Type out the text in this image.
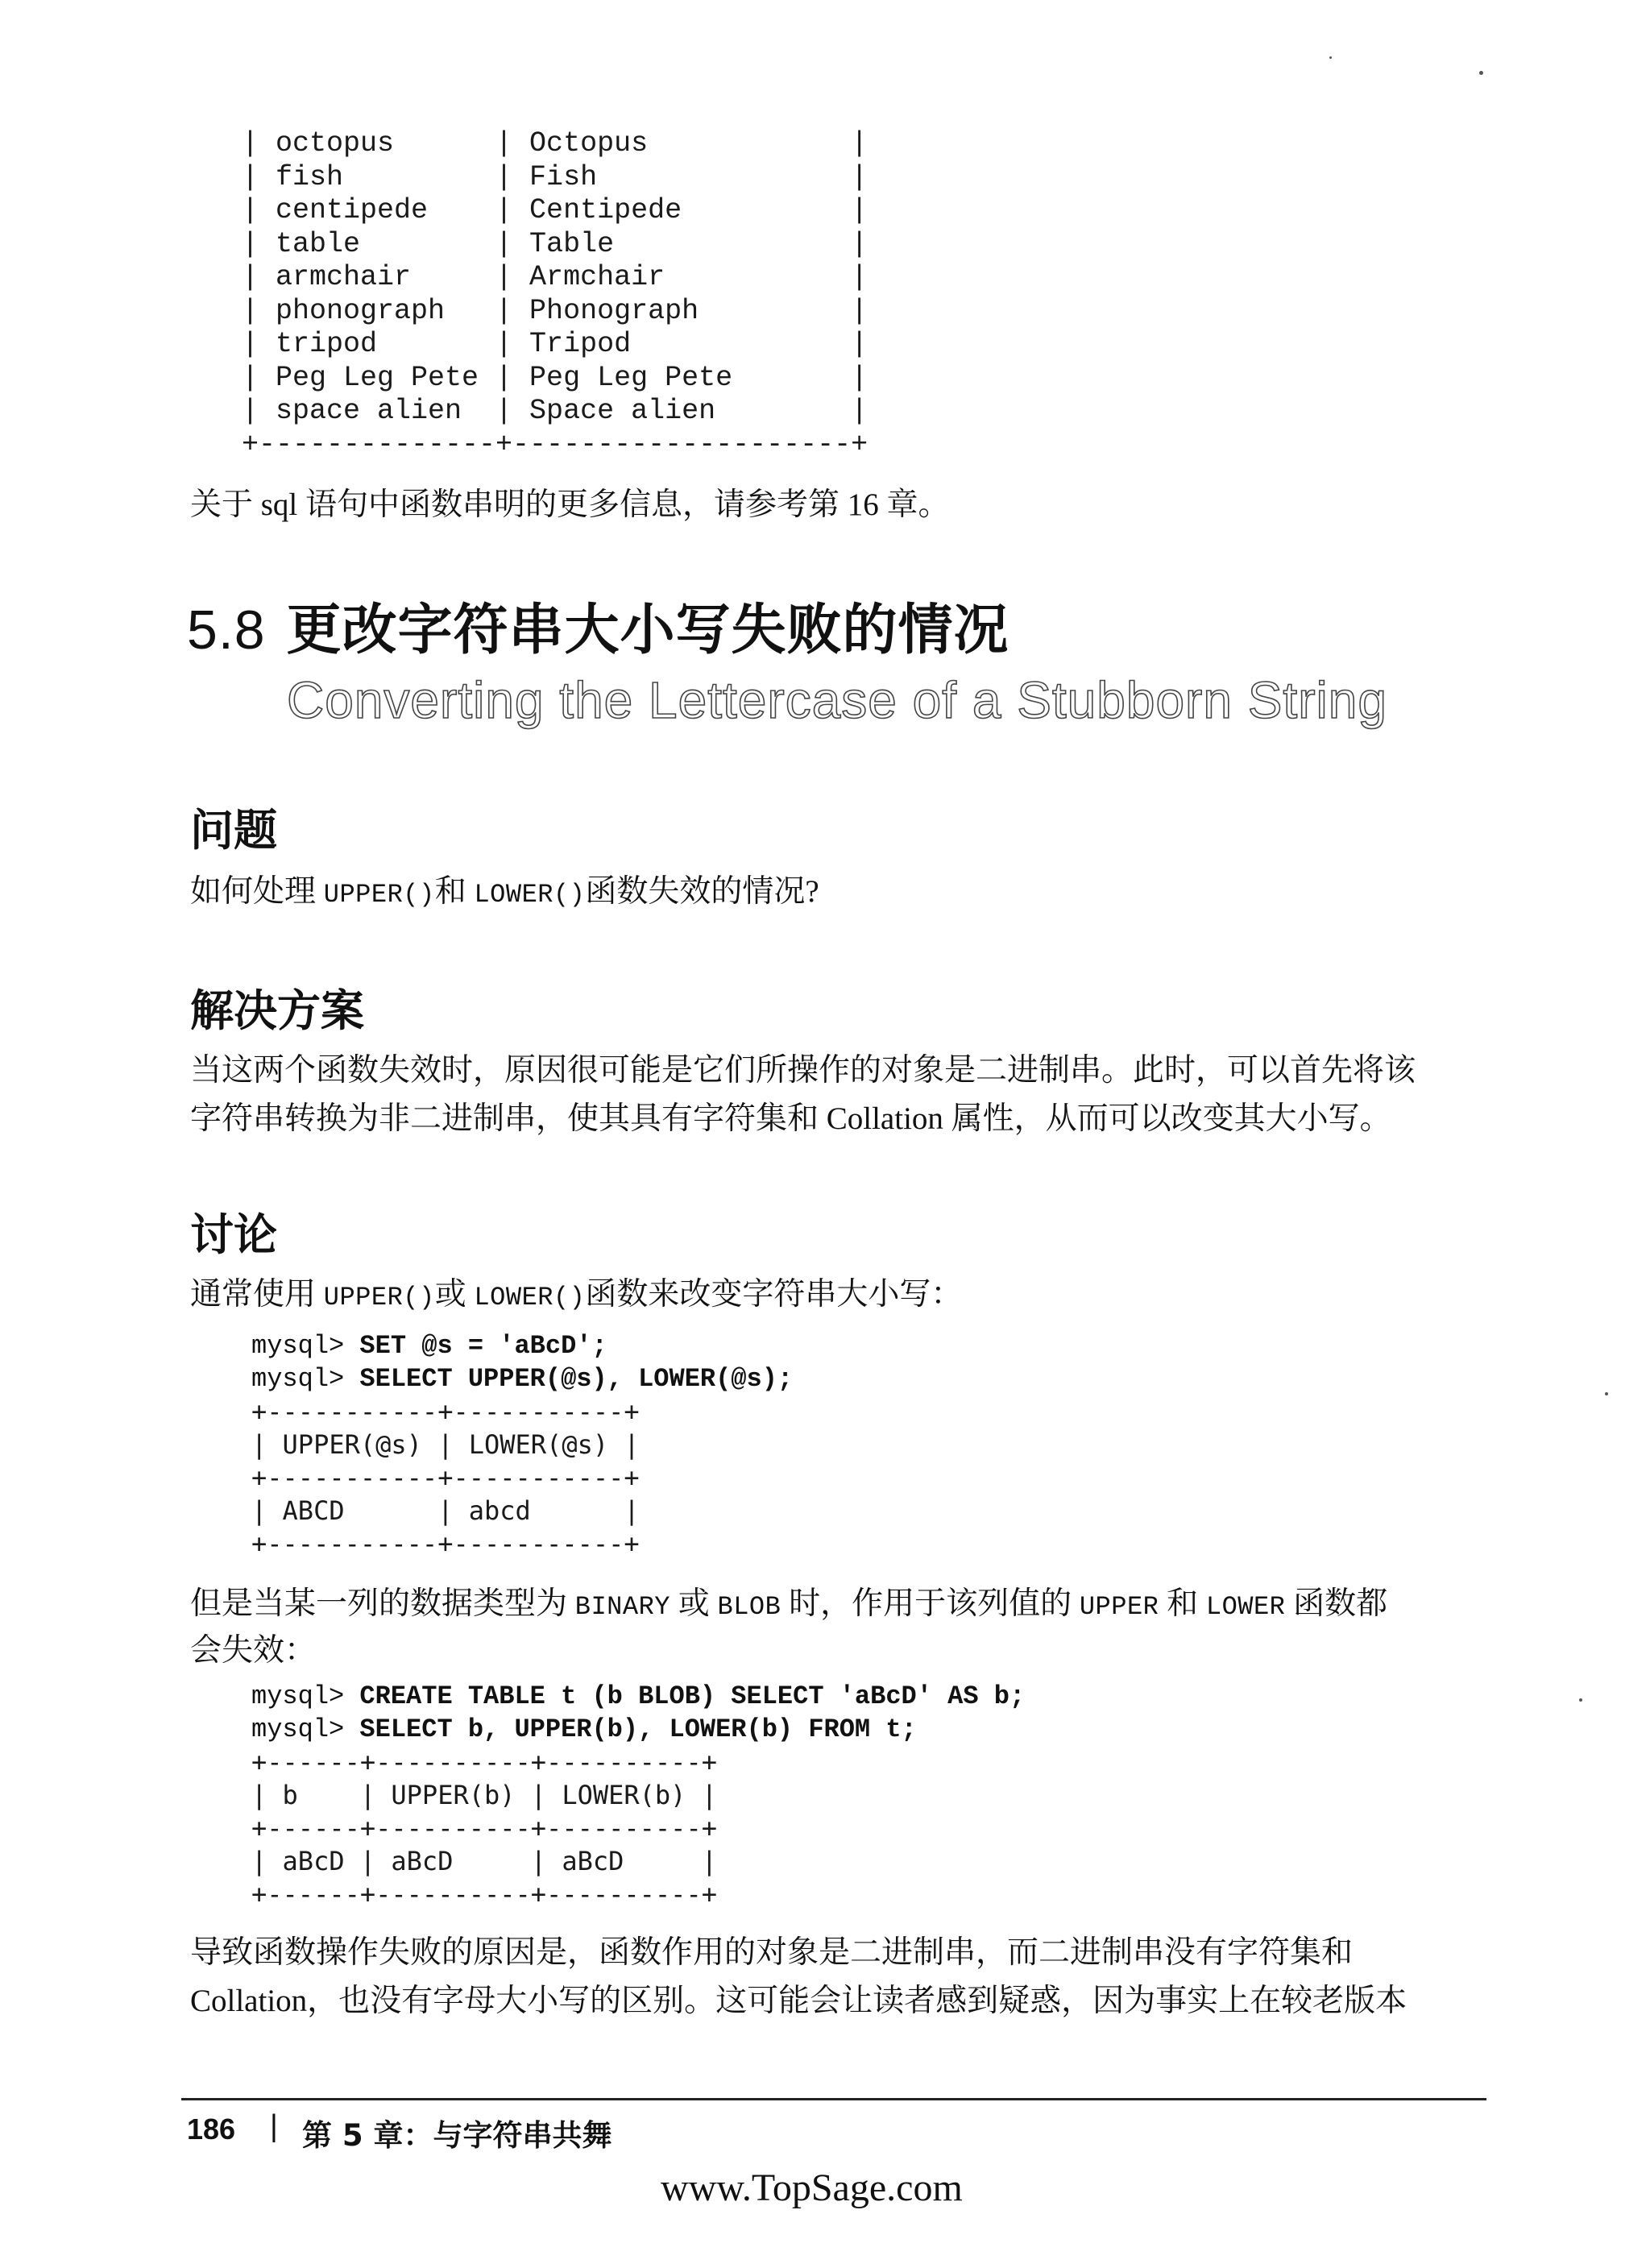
| octopus      | Octopus            |
| fish         | Fish               |
| centipede    | Centipede          |
| table        | Table              |
| armchair     | Armchair           |
| phonograph   | Phonograph         |
| tripod       | Tripod             |
| Peg Leg Pete | Peg Leg Pete       |
| space alien  | Space alien        |
+--------------+--------------------+
关于 sql 语句中函数串明的更多信息，请参考第 16 章。
5.8 更改字符串大小写失败的情况
Converting the Lettercase of a Stubborn String
问题
如何处理 UPPER()和 LOWER()函数失效的情况?
解决方案
当这两个函数失效时，原因很可能是它们所操作的对象是二进制串。此时，可以首先将该
字符串转换为非二进制串，使其具有字符集和 Collation 属性，从而可以改变其大小写。
讨论
通常使用 UPPER()或 LOWER()函数来改变字符串大小写：
mysql> SET @s = 'aBcD';
mysql> SELECT UPPER(@s), LOWER(@s);
+-----------+-----------+
| UPPER(@s) | LOWER(@s) |
+-----------+-----------+
| ABCD      | abcd      |
+-----------+-----------+
但是当某一列的数据类型为 BINARY 或 BLOB 时，作用于该列值的 UPPER 和 LOWER 函数都
会失效：
mysql> CREATE TABLE t (b BLOB) SELECT 'aBcD' AS b;
mysql> SELECT b, UPPER(b), LOWER(b) FROM t;
+------+----------+----------+
| b    | UPPER(b) | LOWER(b) |
+------+----------+----------+
| aBcD | aBcD     | aBcD     |
+------+----------+----------+
导致函数操作失败的原因是，函数作用的对象是二进制串，而二进制串没有字符集和
Collation，也没有字母大小写的区别。这可能会让读者感到疑惑，因为事实上在较老版本
186 | 第 5 章：与字符串共舞
www.TopSage.com
